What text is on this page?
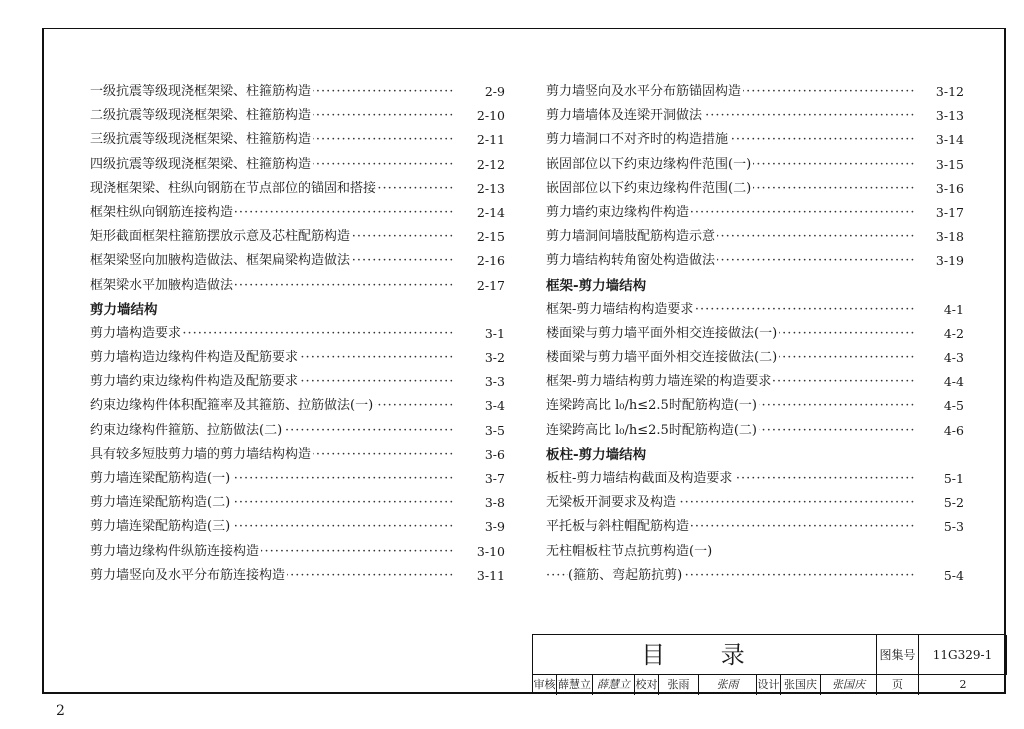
·····
一级抗震等级现浇框架梁、柱箍筋构造	2-9
·····
二级抗震等级现浇框架梁、柱箍筋构造	2-10
·····
三级抗震等级现浇框架梁、柱箍筋构造	2-11
·····
四级抗震等级现浇框架梁、柱箍筋构造	2-12
·····
现浇框架梁、柱纵向钢筋在节点部位的锚固和搭接	2-13
·····
框架柱纵向钢筋连接构造	2-14
·····
矩形截面框架柱箍筋摆放示意及芯柱配筋构造	2-15
·····
框架梁竖向加腋构造做法、框架扁梁构造做法	2-16
·····
框架梁水平加腋构造做法	2-17
剪力墙结构
·····
剪力墙构造要求	3-1
·····
剪力墙构造边缘构件构造及配筋要求	3-2
·····
剪力墙约束边缘构件构造及配筋要求	3-3
·····
约束边缘构件体积配箍率及其箍筋、拉筋做法(一)	3-4
·····
约束边缘构件箍筋、拉筋做法(二)	3-5
·····
具有较多短肢剪力墙的剪力墙结构构造	3-6
·····
剪力墙连梁配筋构造(一)	3-7
·····
剪力墙连梁配筋构造(二)	3-8
·····
剪力墙连梁配筋构造(三)	3-9
·····
剪力墙边缘构件纵筋连接构造	3-10
·····
剪力墙竖向及水平分布筋连接构造	3-11
·····
剪力墙竖向及水平分布筋锚固构造	3-12
·····
剪力墙墙体及连梁开洞做法	3-13
·····
剪力墙洞口不对齐时的构造措施	3-14
·····
嵌固部位以下约束边缘构件范围(一)	3-15
·····
嵌固部位以下约束边缘构件范围(二)	3-16
·····
剪力墙约束边缘构件构造	3-17
·····
剪力墙洞间墙肢配筋构造示意	3-18
·····
剪力墙结构转角窗处构造做法	3-19
框架-剪力墙结构
·····
框架-剪力墙结构构造要求	4-1
·····
楼面梁与剪力墙平面外相交连接做法(一)	4-2
·····
楼面梁与剪力墙平面外相交连接做法(二)	4-3
·····
框架-剪力墙结构剪力墙连梁的构造要求	4-4
·····
连梁跨高比 l₀/h≤2.5时配筋构造(一)	4-5
·····
连梁跨高比 l₀/h≤2.5时配筋构造(二)	4-6
板柱-剪力墙结构
·····
板柱-剪力墙结构截面及构造要求	5-1
·····
无梁板开洞要求及构造	5-2
·····
平托板与斜柱帽配筋构造	5-3
无柱帽板柱节点抗剪构造(一)
·····
(箍筋、弯起筋抗剪)	5-4
目 录	图集号	11G329-1
审核 薛慧立 薛慧立 校对 张雨	张雨	设计 张国庆	张国庆	页	2
2
